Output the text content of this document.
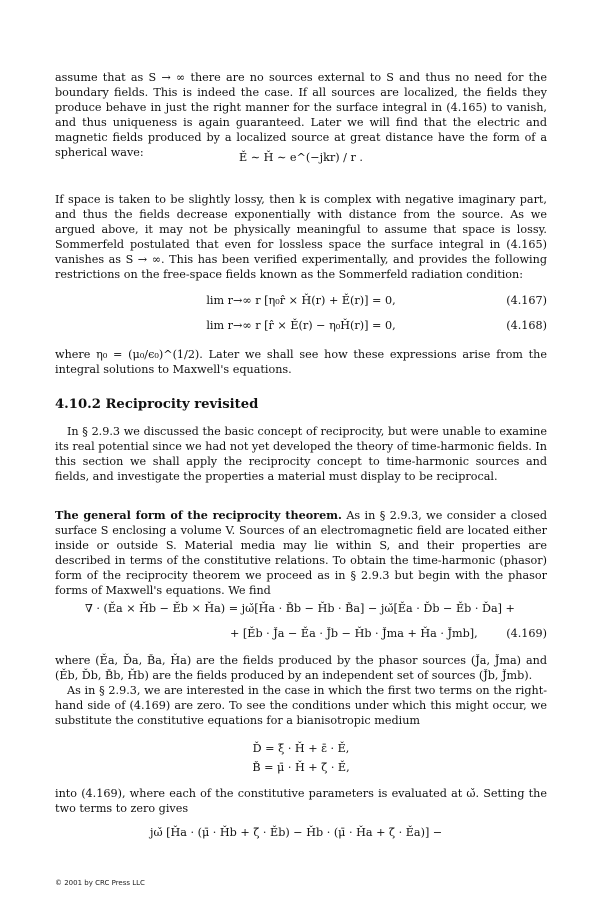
assume that as S → ∞ there are no sources external to S and thus no need for the boundary fields. This is indeed the case. If all sources are localized, the fields they produce behave in just the right manner for the surface integral in (4.165) to vanish, and thus uniqueness is again guaranteed. Later we will find that the electric and magnetic fields produced by a localized source at great distance have the form of a spherical wave:	Ě ∼ Ȟ ∼ e^(−jkr) / r .
If space is taken to be slightly lossy, then k is complex with negative imaginary part, and thus the fields decrease exponentially with distance from the source. As we argued above, it may not be physically meaningful to assume that space is lossy. Sommerfeld postulated that even for lossless space the surface integral in (4.165) vanishes as S → ∞. This has been verified experimentally, and provides the following restrictions on the free-space fields known as the Sommerfeld radiation condition:
lim r→∞ r [η₀r̂ × Ȟ(r) + Ě(r)] = 0,	(4.167)
lim r→∞ r [r̂ × Ě(r) − η₀Ȟ(r)] = 0,	(4.168)
where η₀ = (μ₀/ϵ₀)^(1/2). Later we shall see how these expressions arise from the integral solutions to Maxwell's equations.
4.10.2 Reciprocity revisited
In § 2.9.3 we discussed the basic concept of reciprocity, but were unable to examine its real potential since we had not yet developed the theory of time-harmonic fields. In this section we shall apply the reciprocity concept to time-harmonic sources and fields, and investigate the properties a material must display to be reciprocal.
The general form of the reciprocity theorem. As in § 2.9.3, we consider a closed surface S enclosing a volume V. Sources of an electromagnetic field are located either inside or outside S. Material media may lie within S, and their properties are described in terms of the constitutive relations. To obtain the time-harmonic (phasor) form of the reciprocity theorem we proceed as in § 2.9.3 but begin with the phasor forms of Maxwell's equations. We find
∇ · (Ěa × Ȟb − Ěb × Ȟa) = jω̌[Ȟa · B̌b − Ȟb · B̌a] − jω̌[Ěa · Ďb − Ěb · Ďa] +
+ [Ěb · J̌a − Ěa · J̌b − Ȟb · J̌ma + Ȟa · J̌mb],	(4.169)
where (Ěa, Ďa, B̌a, Ȟa) are the fields produced by the phasor sources (J̌a, J̌ma) and (Ěb, Ďb, B̌b, Ȟb) are the fields produced by an independent set of sources (J̌b, J̌mb).
As in § 2.9.3, we are interested in the case in which the first two terms on the right-hand side of (4.169) are zero. To see the conditions under which this might occur, we substitute the constitutive equations for a bianisotropic medium
Ď = ξ̄ · Ȟ + ε̄ · Ě,
B̌ = μ̄ · Ȟ + ζ̄ · Ě,
into (4.169), where each of the constitutive parameters is evaluated at ω̌. Setting the two terms to zero gives
jω̌ [Ȟa · (μ̄ · Ȟb + ζ̄ · Ěb) − Ȟb · (μ̄ · Ȟa + ζ̄ · Ěa)] −
© 2001 by CRC Press LLC
